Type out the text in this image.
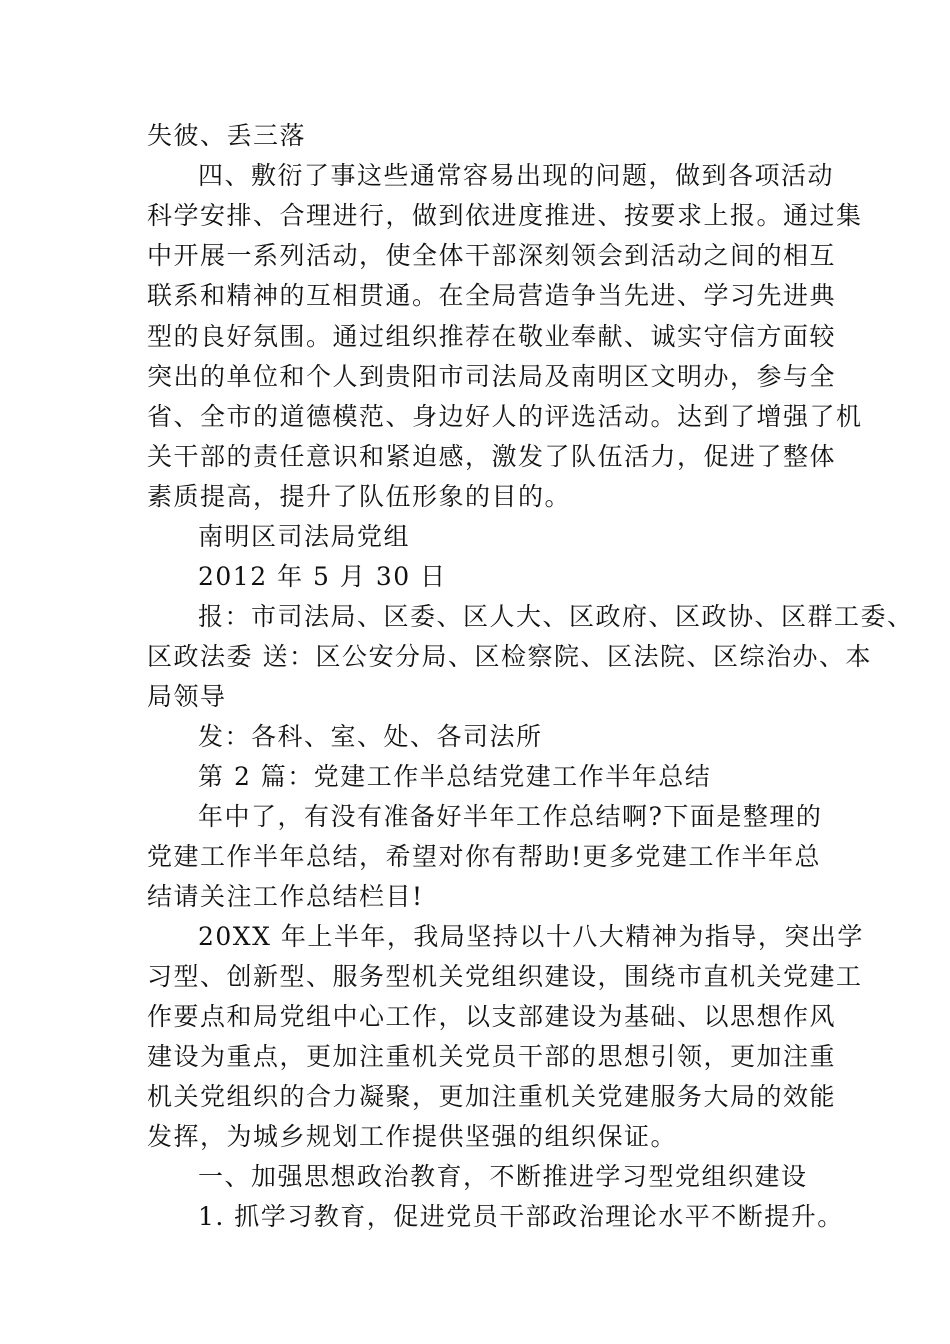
失彼、丢三落
四、敷衍了事这些通常容易出现的问题，做到各项活动
科学安排、合理进行，做到依进度推进、按要求上报。通过集
中开展一系列活动，使全体干部深刻领会到活动之间的相互
联系和精神的互相贯通。在全局营造争当先进、学习先进典
型的良好氛围。通过组织推荐在敬业奉献、诚实守信方面较
突出的单位和个人到贵阳市司法局及南明区文明办，参与全
省、全市的道德模范、身边好人的评选活动。达到了增强了机
关干部的责任意识和紧迫感，激发了队伍活力，促进了整体
素质提高，提升了队伍形象的目的。
南明区司法局党组
2012 年 5 月 30 日
报：市司法局、区委、区人大、区政府、区政协、区群工委、
区政法委 送：区公安分局、区检察院、区法院、区综治办、本
局领导
发：各科、室、处、各司法所
第 2 篇：党建工作半总结党建工作半年总结
年中了，有没有准备好半年工作总结啊?下面是整理的
党建工作半年总结，希望对你有帮助!更多党建工作半年总
结请关注工作总结栏目!
20XX 年上半年，我局坚持以十八大精神为指导，突出学
习型、创新型、服务型机关党组织建设，围绕市直机关党建工
作要点和局党组中心工作，以支部建设为基础、以思想作风
建设为重点，更加注重机关党员干部的思想引领，更加注重
机关党组织的合力凝聚，更加注重机关党建服务大局的效能
发挥，为城乡规划工作提供坚强的组织保证。
一、加强思想政治教育，不断推进学习型党组织建设
1. 抓学习教育，促进党员干部政治理论水平不断提升。
